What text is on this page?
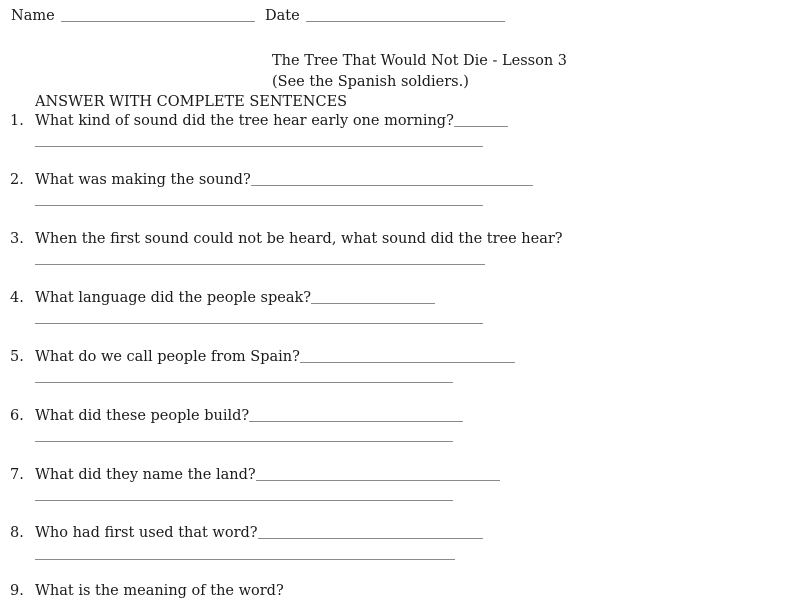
Name	Date
The Tree That Would Not Die - Lesson 3
(See the Spanish soldiers.)
ANSWER WITH COMPLETE SENTENCES
1. What kind of sound did the tree hear early one morning?
2. What was making the sound?
3. When the first sound could not be heard, what sound did the tree hear?
4. What language did the people speak?
5. What do we call people from Spain?
6. What did these people build?
7. What did they name the land?
8. Who had first used that word?
9. What is the meaning of the word?
